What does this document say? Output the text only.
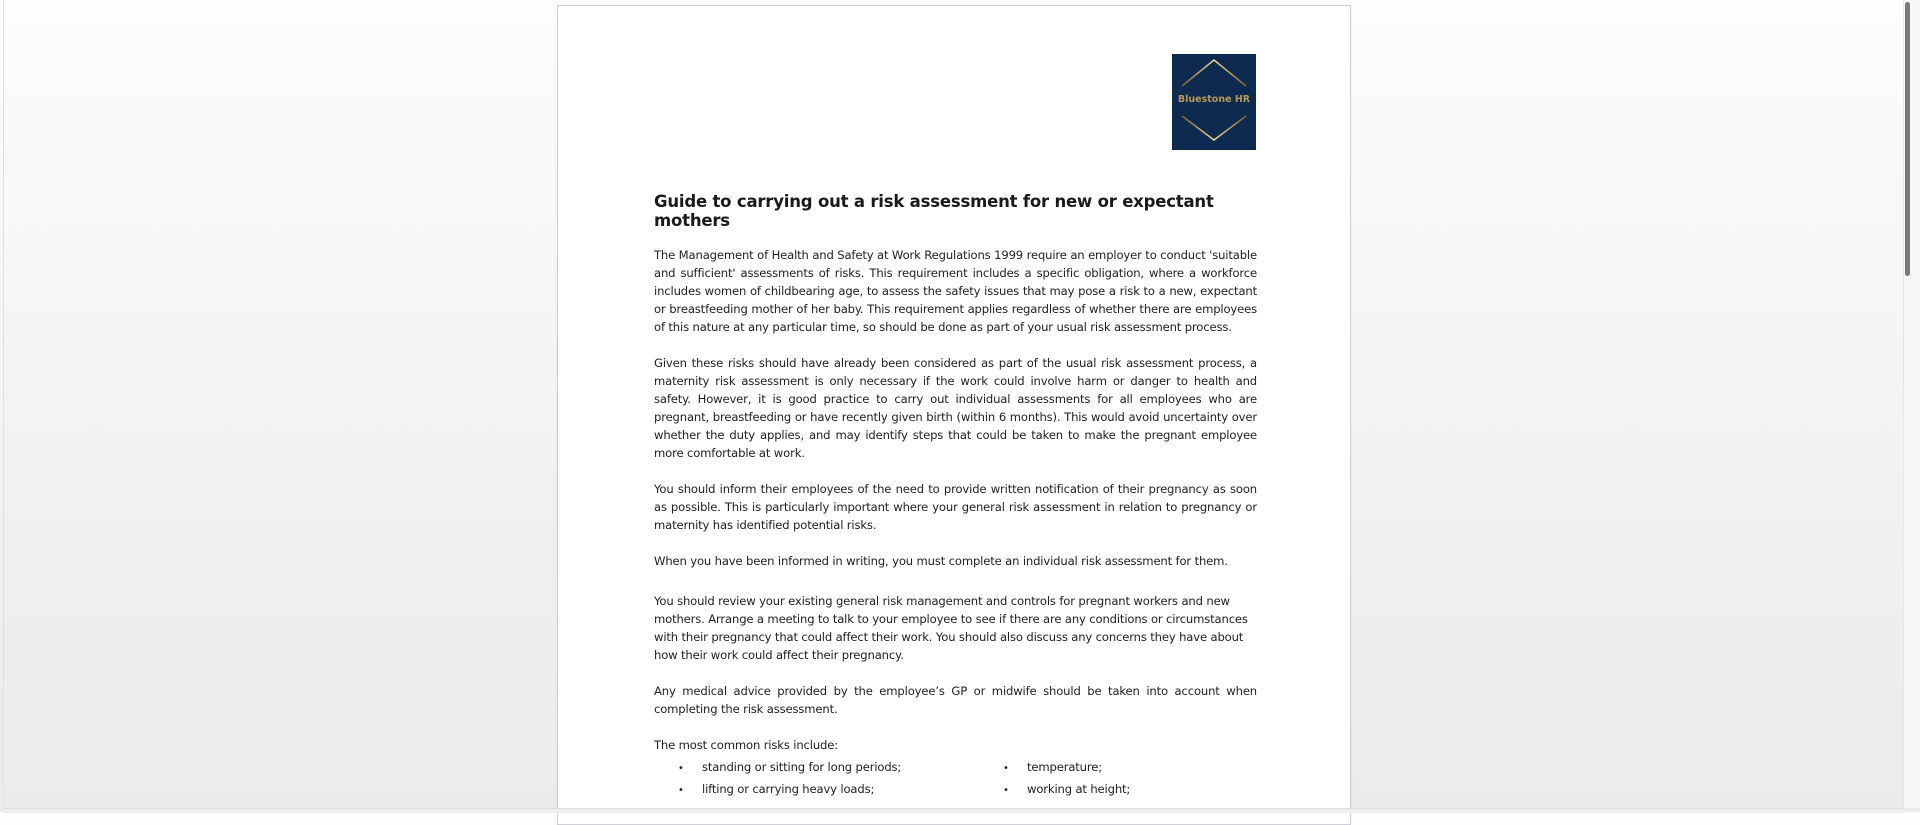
Bluestone HR
Guide to carrying out a risk assessment for new or expectant mothers

The Management of Health and Safety at Work Regulations 1999 require an employer to conduct 'suitable and sufficient' assessments of risks. This requirement includes a specific obligation, where a workforce includes women of childbearing age, to assess the safety issues that may pose a risk to a new, expectant or breastfeeding mother of her baby. This requirement applies regardless of whether there are employees of this nature at any particular time, so should be done as part of your usual risk assessment process.

Given these risks should have already been considered as part of the usual risk assessment process, a maternity risk assessment is only necessary if the work could involve harm or danger to health and safety. However, it is good practice to carry out individual assessments for all employees who are pregnant, breastfeeding or have recently given birth (within 6 months). This would avoid uncertainty over whether the duty applies, and may identify steps that could be taken to make the pregnant employee more comfortable at work.

You should inform their employees of the need to provide written notification of their pregnancy as soon as possible. This is particularly important where your general risk assessment in relation to pregnancy or maternity has identified potential risks.

When you have been informed in writing, you must complete an individual risk assessment for them.

You should review your existing general risk management and controls for pregnant workers and new mothers. Arrange a meeting to talk to your employee to see if there are any conditions or circumstances with their pregnancy that could affect their work. You should also discuss any concerns they have about how their work could affect their pregnancy.

Any medical advice provided by the employee’s GP or midwife should be taken into account when completing the risk assessment.

The most common risks include:

•	standing or sitting for long periods;	•	temperature;
•	lifting or carrying heavy loads;	•	working at height;
